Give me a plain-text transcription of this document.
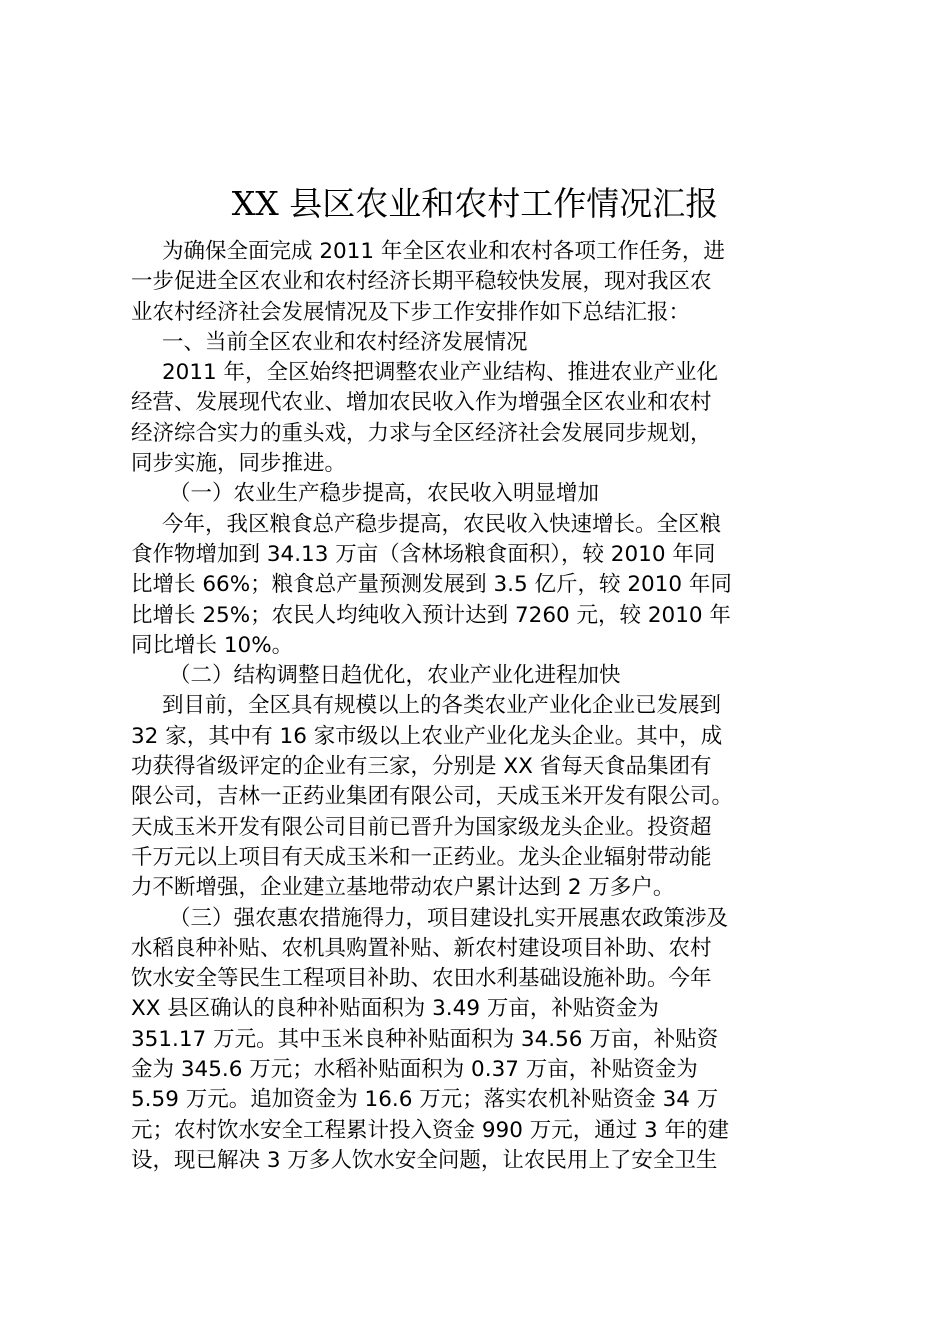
XX 县区农业和农村工作情况汇报
为确保全面完成 2011 年全区农业和农村各项工作任务，进
一步促进全区农业和农村经济长期平稳较快发展，现对我区农
业农村经济社会发展情况及下步工作安排作如下总结汇报：
一、当前全区农业和农村经济发展情况
2011 年，全区始终把调整农业产业结构、推进农业产业化
经营、发展现代农业、增加农民收入作为增强全区农业和农村
经济综合实力的重头戏，力求与全区经济社会发展同步规划，
同步实施，同步推进。
（一）农业生产稳步提高，农民收入明显增加
今年，我区粮食总产稳步提高，农民收入快速增长。全区粮
食作物增加到 34.13 万亩（含林场粮食面积），较 2010 年同
比增长 66%；粮食总产量预测发展到 3.5 亿斤，较 2010 年同
比增长 25%；农民人均纯收入预计达到 7260 元，较 2010 年
同比增长 10%。
（二）结构调整日趋优化，农业产业化进程加快
到目前，全区具有规模以上的各类农业产业化企业已发展到
32 家，其中有 16 家市级以上农业产业化龙头企业。其中，成
功获得省级评定的企业有三家，分别是 XX 省每天食品集团有
限公司，吉林一正药业集团有限公司，天成玉米开发有限公司。
天成玉米开发有限公司目前已晋升为国家级龙头企业。投资超
千万元以上项目有天成玉米和一正药业。龙头企业辐射带动能
力不断增强，企业建立基地带动农户累计达到 2 万多户。
（三）强农惠农措施得力，项目建设扎实开展惠农政策涉及
水稻良种补贴、农机具购置补贴、新农村建设项目补助、农村
饮水安全等民生工程项目补助、农田水利基础设施补助。今年
XX 县区确认的良种补贴面积为 3.49 万亩，补贴资金为
351.17 万元。其中玉米良种补贴面积为 34.56 万亩，补贴资
金为 345.6 万元；水稻补贴面积为 0.37 万亩，补贴资金为
5.59 万元。追加资金为 16.6 万元；落实农机补贴资金 34 万
元；农村饮水安全工程累计投入资金 990 万元，通过 3 年的建
设，现已解决 3 万多人饮水安全问题，让农民用上了安全卫生
